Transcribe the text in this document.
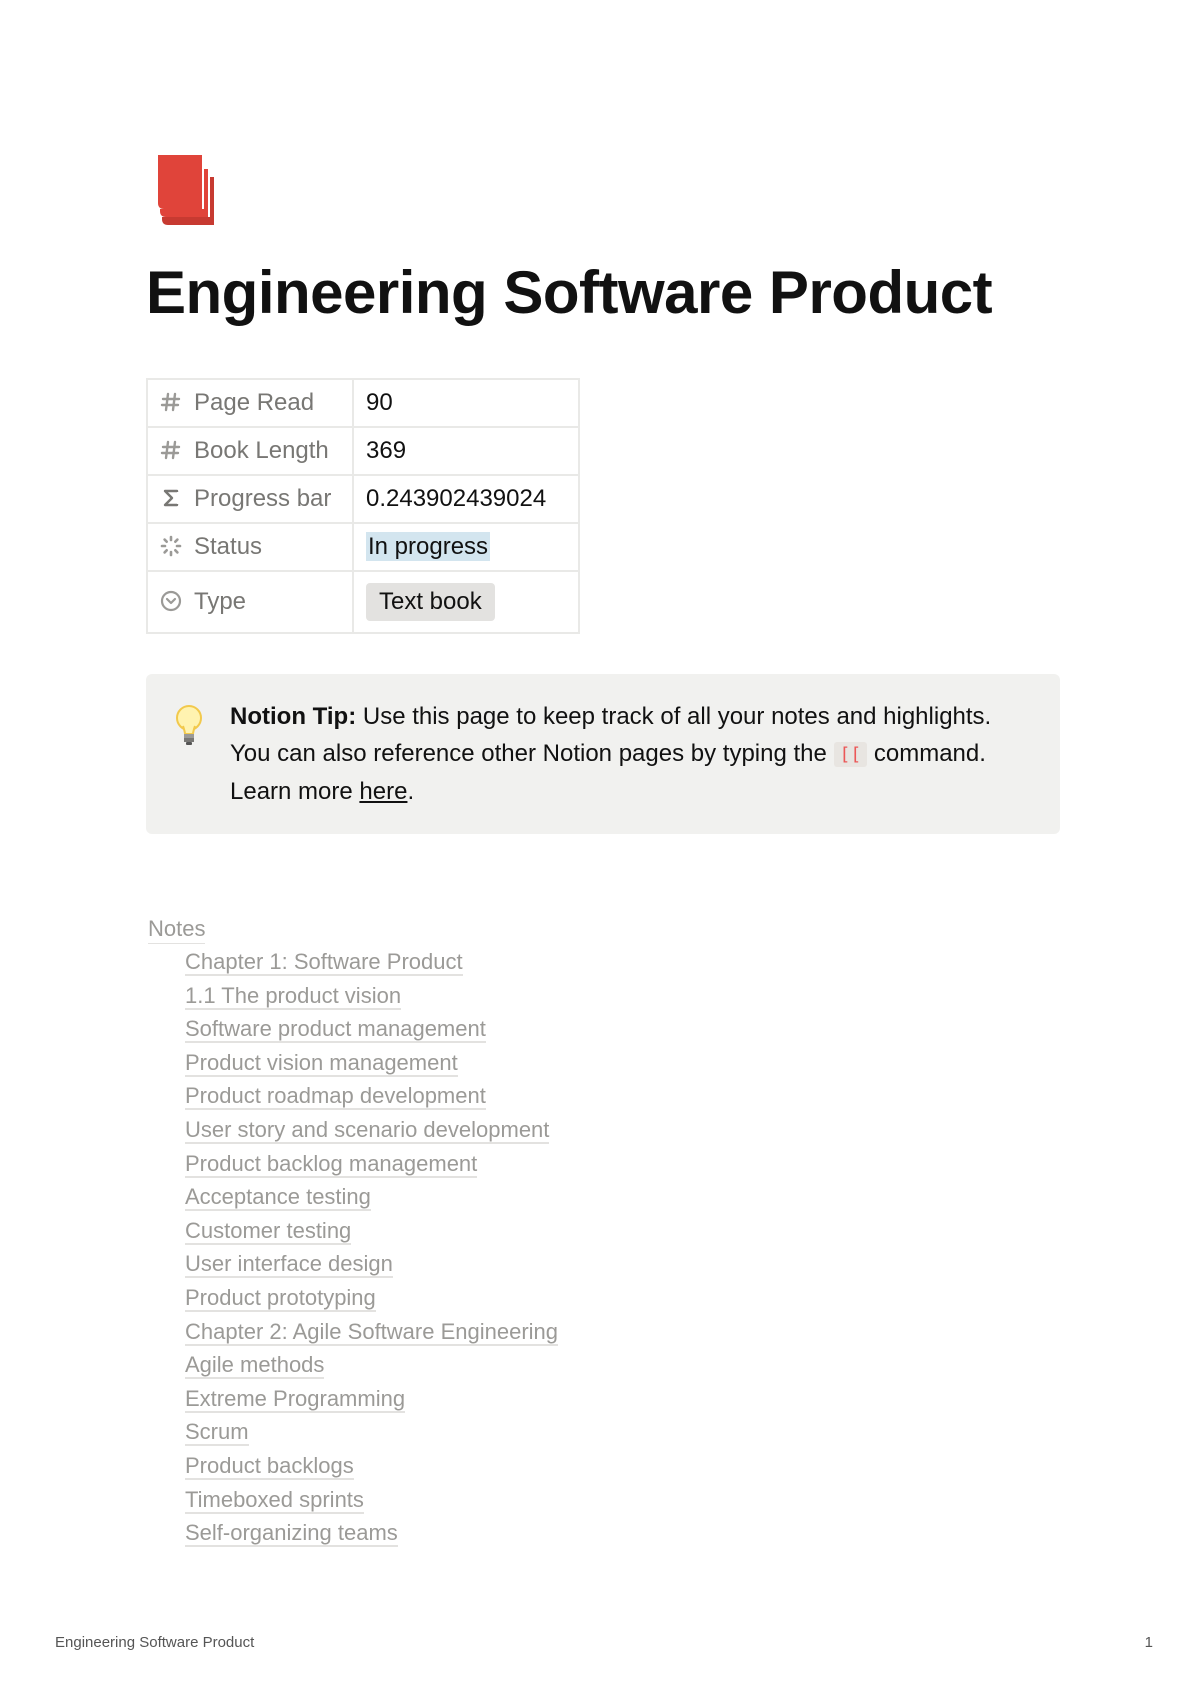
Engineering Software Product
Page Read	90

Book Length	369

Progress bar	0.243902439024

Status	In progress

Type	Text book
Notion Tip: Use this page to keep track of all your notes and highlights. You can also reference other Notion pages by typing the [[ command. Learn more here.
Notes
Chapter 1: Software Product
1.1 The product vision
Software product management
Product vision management
Product roadmap development
User story and scenario development
Product backlog management
Acceptance testing
Customer testing
User interface design
Product prototyping
Chapter 2: Agile Software Engineering
Agile methods
Extreme Programming
Scrum
Product backlogs
Timeboxed sprints
Self-organizing teams
Engineering Software Product	1
